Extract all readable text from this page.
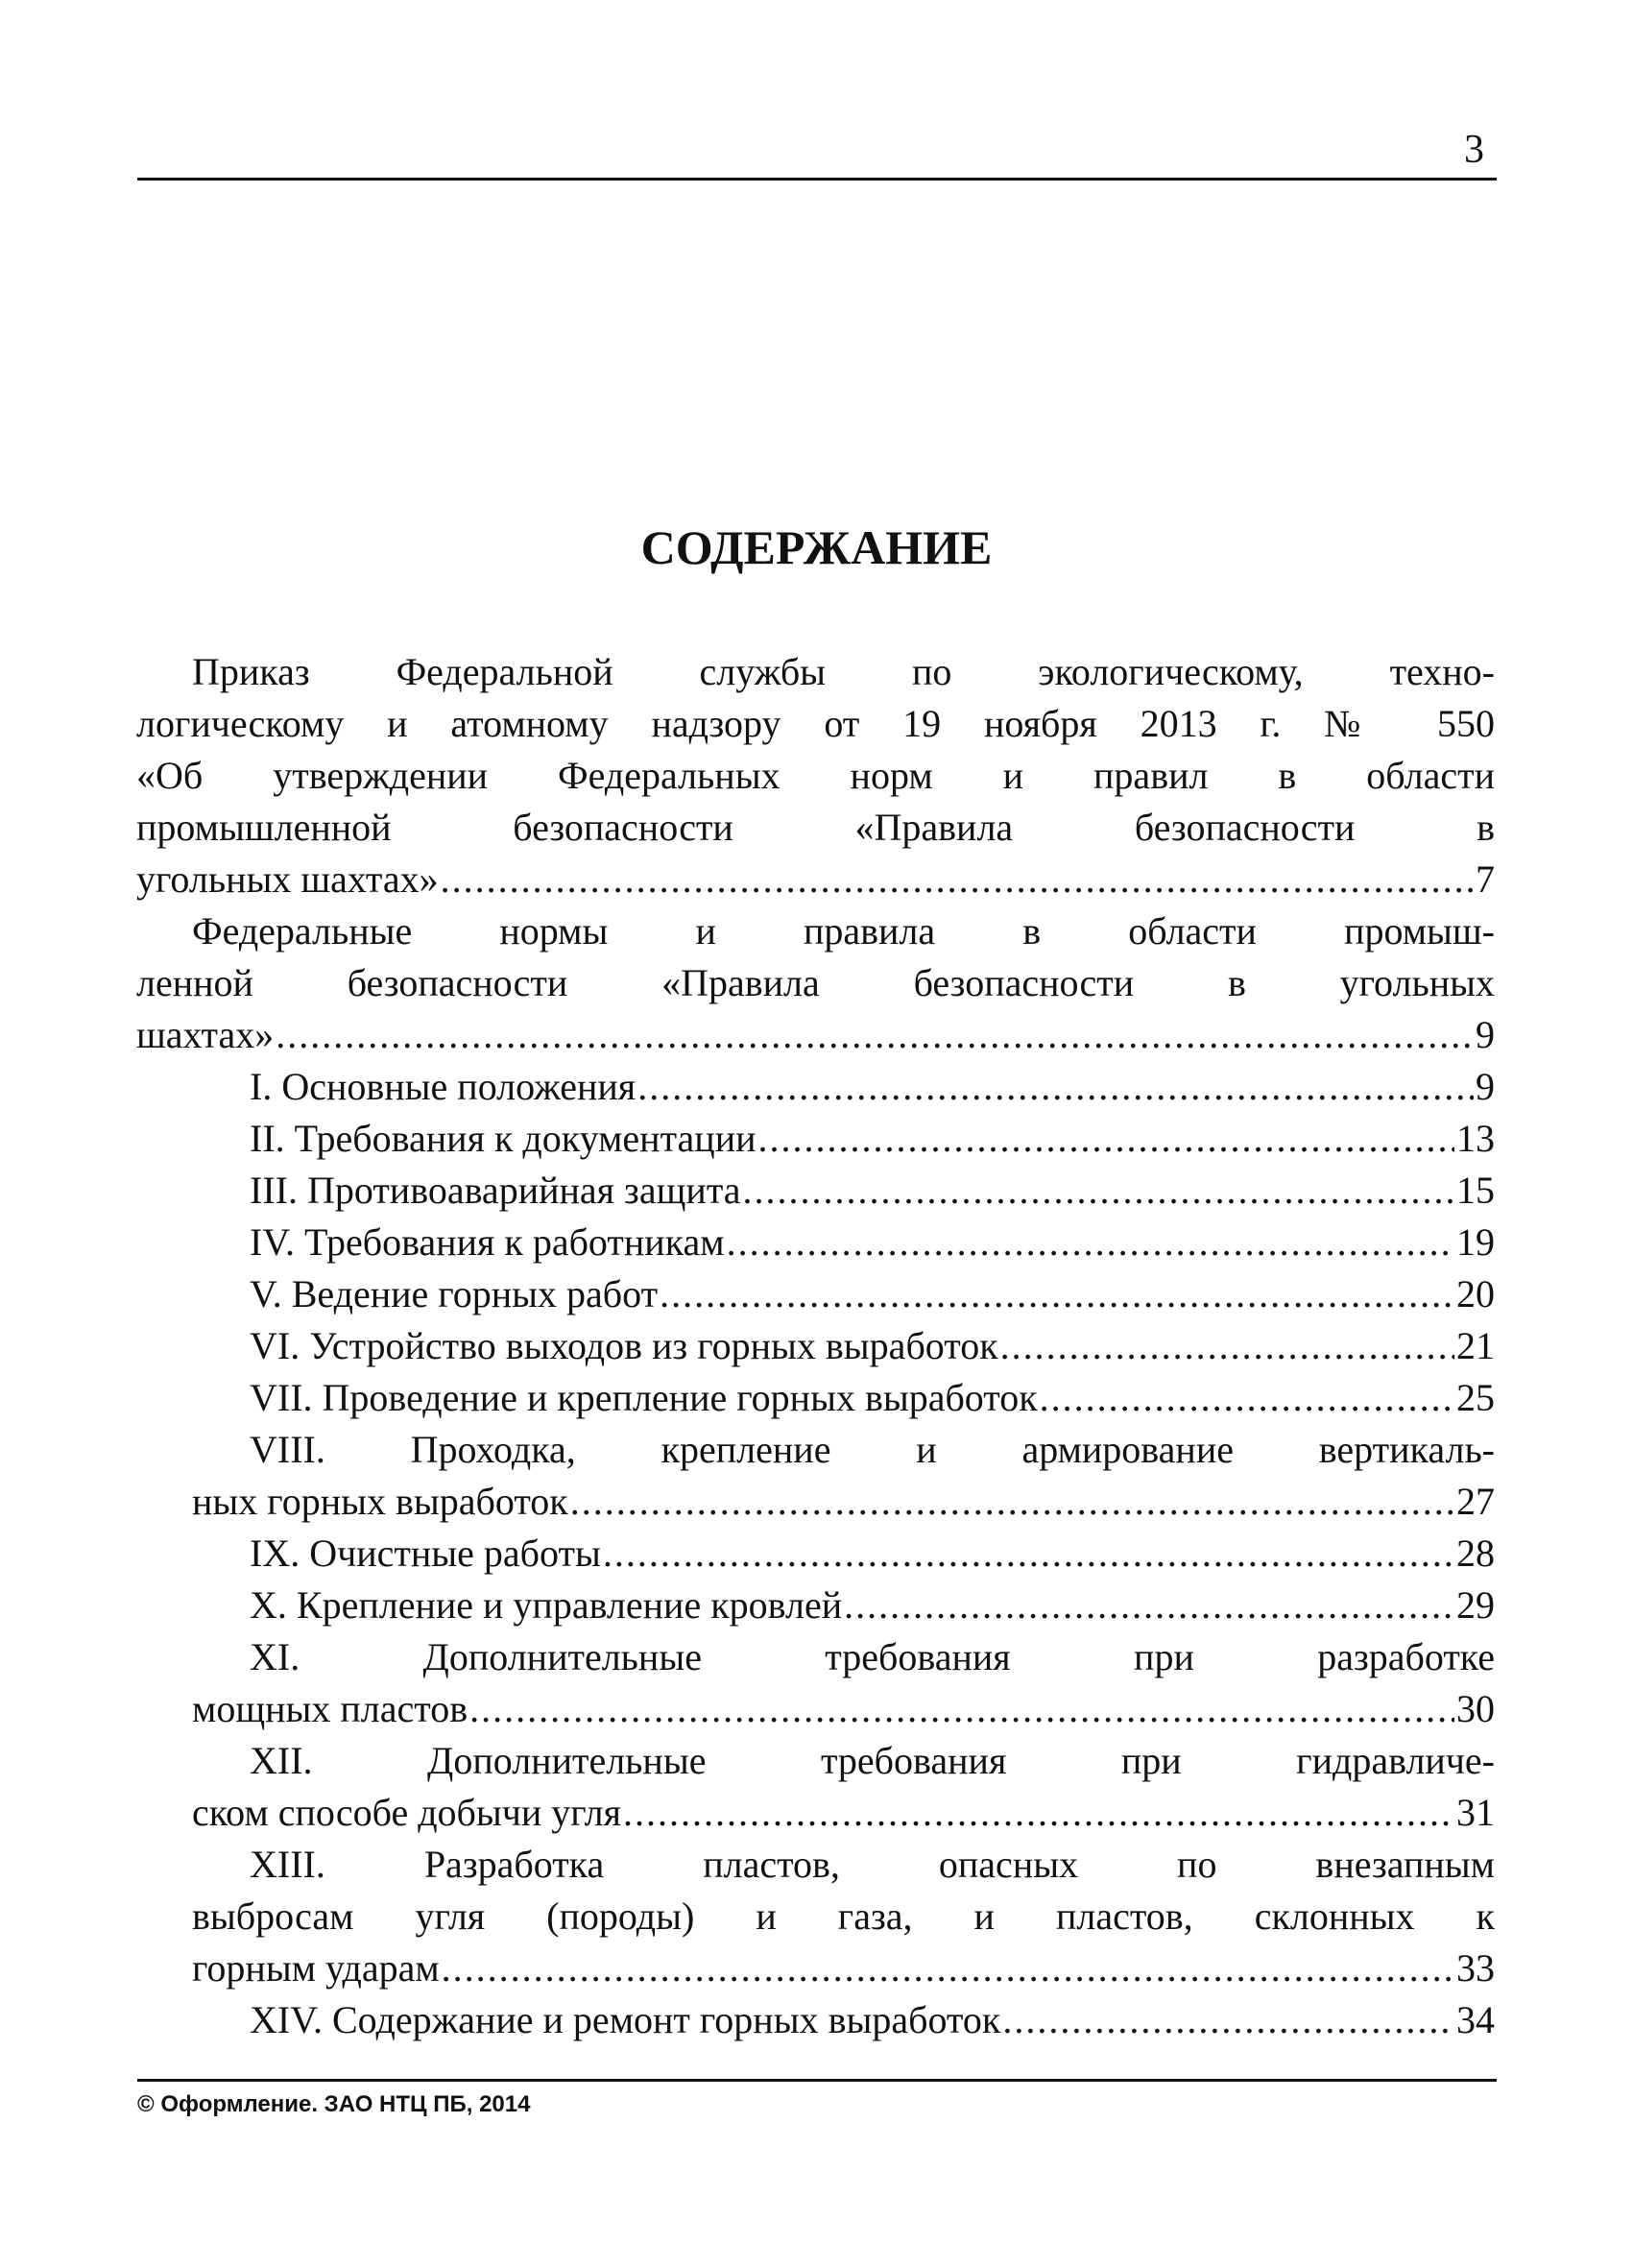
3
СОДЕРЖАНИЕ
Приказ Федеральной службы по экологическому, техно-
логическому и атомному надзору от 19 ноября 2013 г. № 550
«Об утверждении Федеральных норм и правил в области
промышленной безопасности «Правила безопасности в
угольных шахтах» .....	7
Федеральные нормы и правила в области промыш-
ленной безопасности «Правила безопасности в угольных
шахтах» .....	9
I. Основные положения .....	9
II. Требования к документации .....	13
III. Противоаварийная защита .....	15
IV. Требования к работникам .....	19
V. Ведение горных работ .....	20
VI. Устройство выходов из горных выработок .....	21
VII. Проведение и крепление горных выработок .....	25
VIII. Проходка, крепление и армирование вертикаль-
ных горных выработок .....	27
IX. Очистные работы .....	28
X. Крепление и управление кровлей .....	29
XI. Дополнительные требования при разработке
мощных пластов .....	30
XII. Дополнительные требования при гидравличе-
ском способе добычи угля .....	31
XIII. Разработка пластов, опасных по внезапным
выбросам угля (породы) и газа, и пластов, склонных к
горным ударам .....	33
XIV. Содержание и ремонт горных выработок .....	34
© Оформление. ЗАО НТЦ ПБ, 2014
